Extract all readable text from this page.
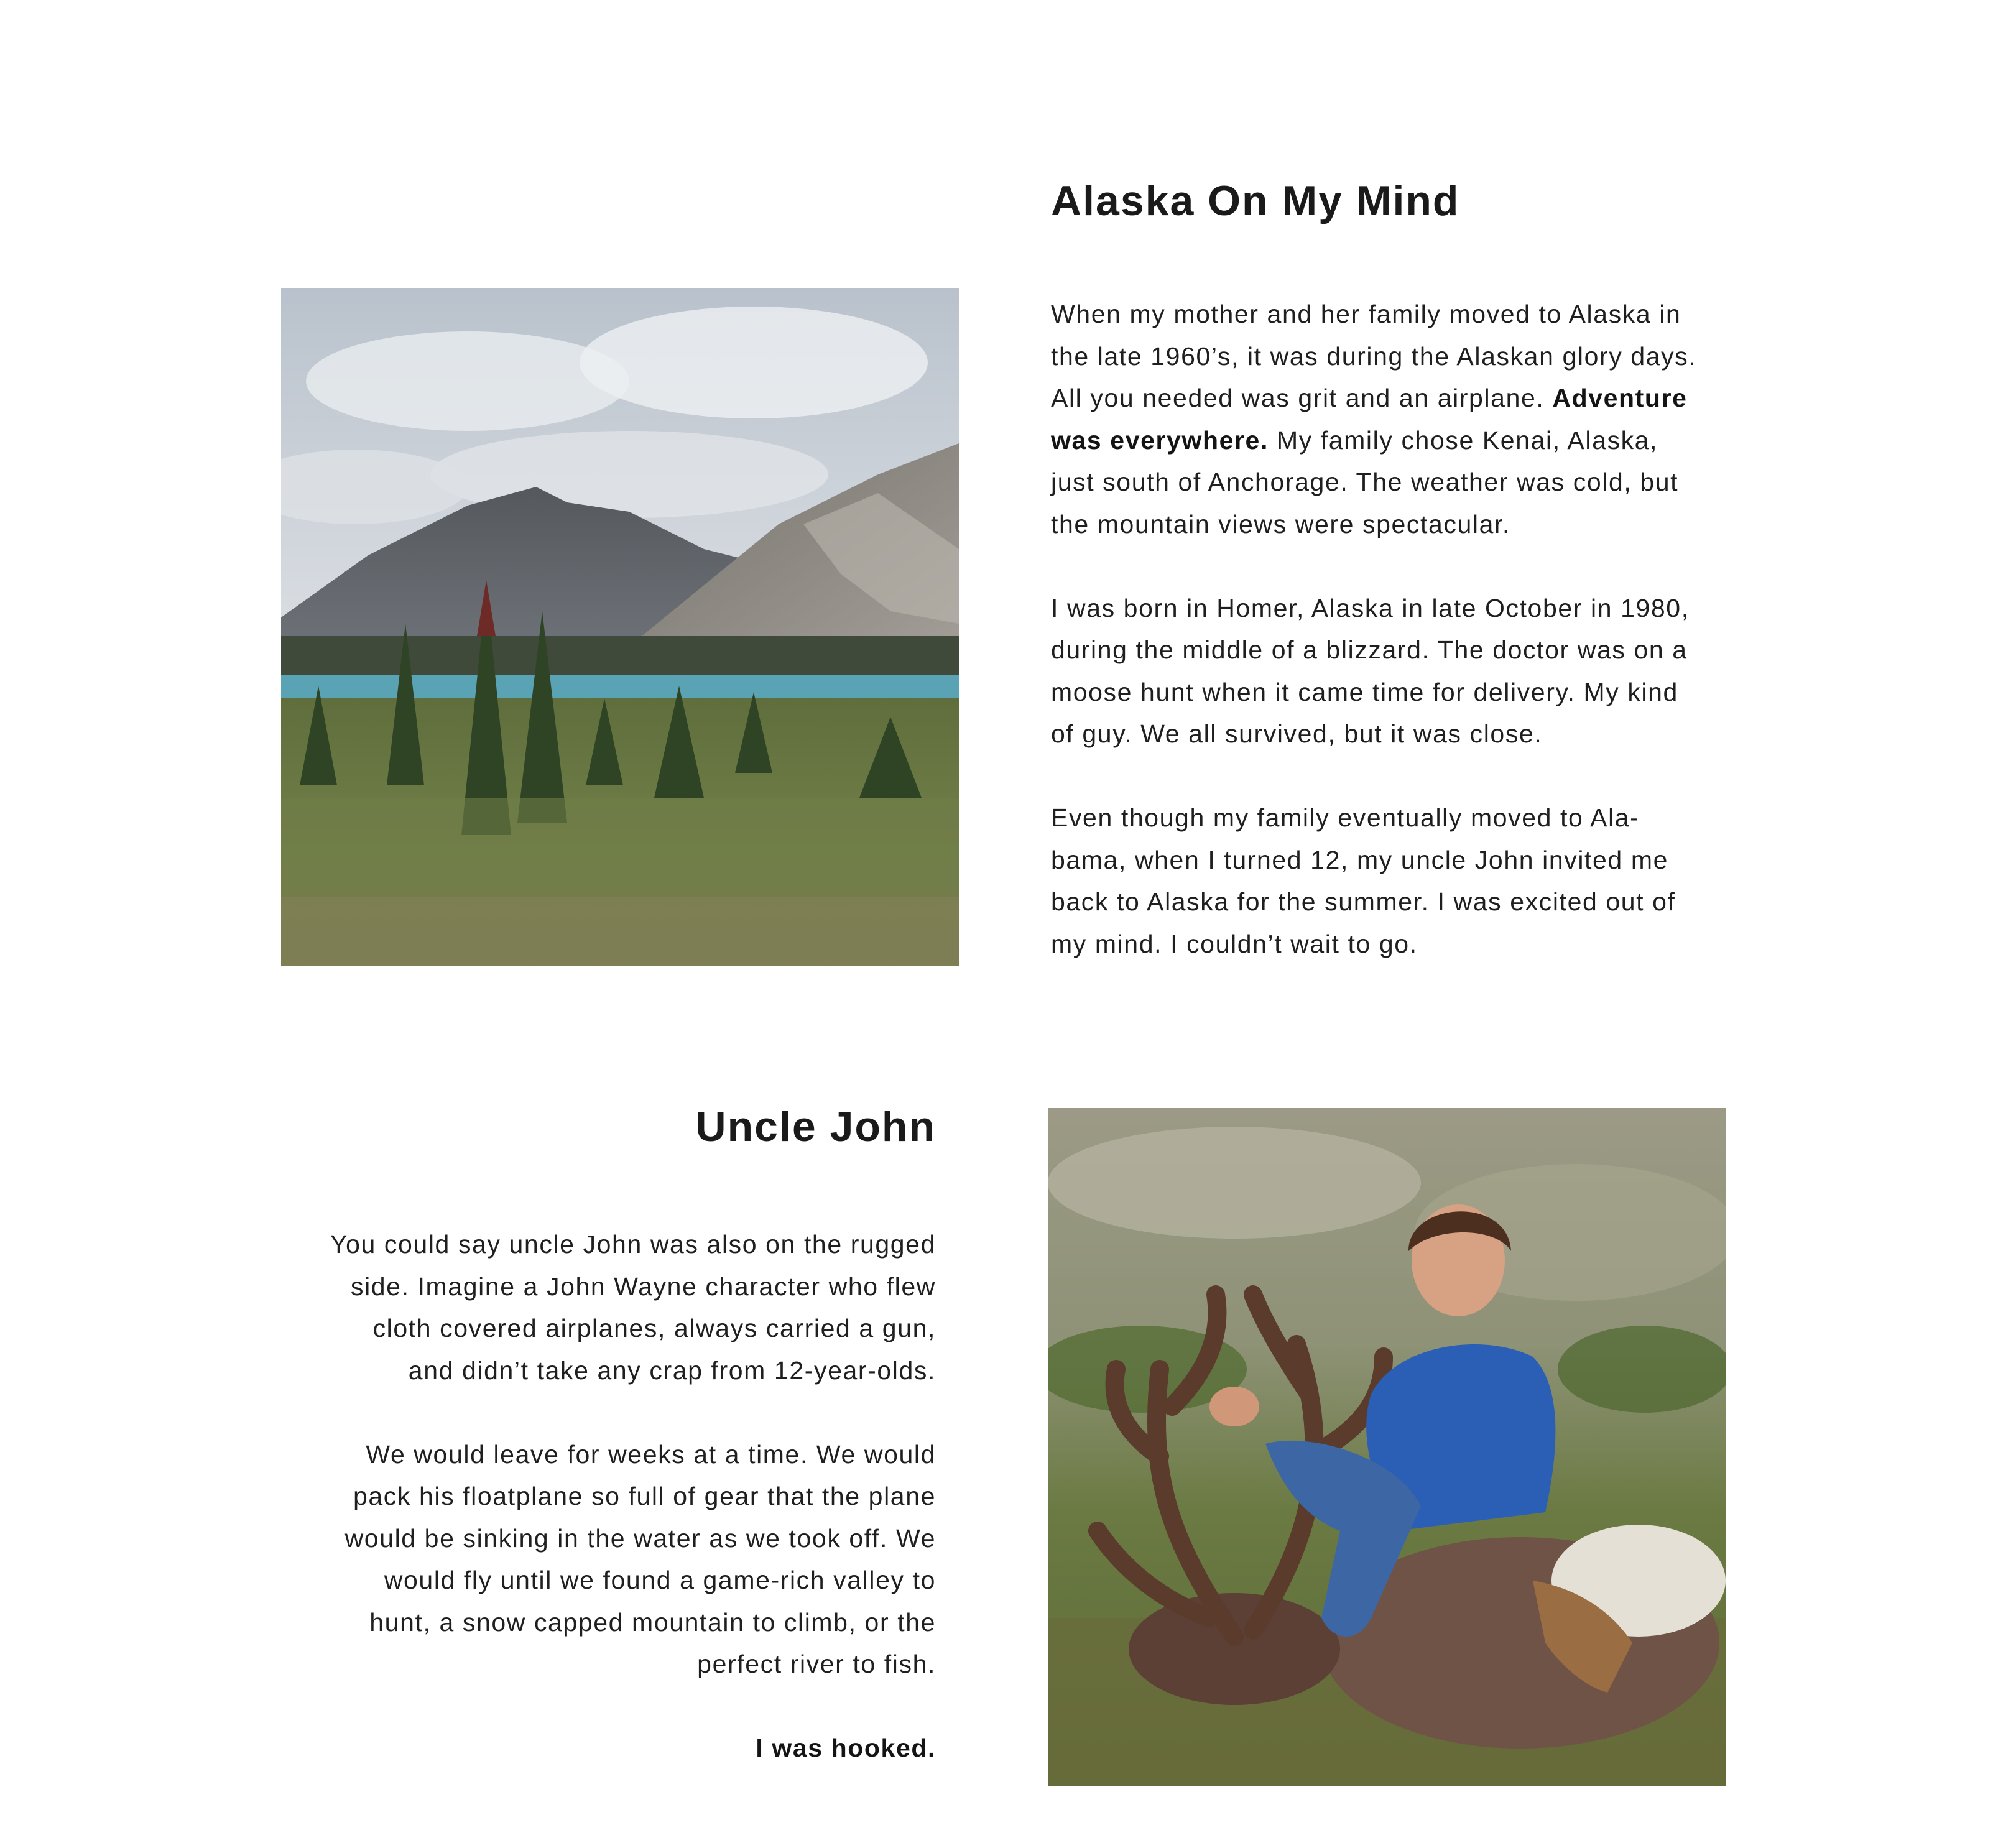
Alaska On My Mind

When my mother and her family moved to Alaska in
the late 1960’s, it was during the Alaskan glory days.
All you needed was grit and an airplane. Adventure
was everywhere. My family chose Kenai, Alaska,
just south of Anchorage. The weather was cold, but
the mountain views were spectacular.

I was born in Homer, Alaska in late October in 1980,
during the middle of a blizzard. The doctor was on a
moose hunt when it came time for delivery. My kind
of guy. We all survived, but it was close.

Even though my family eventually moved to Ala-
bama, when I turned 12, my uncle John invited me
back to Alaska for the summer. I was excited out of
my mind. I couldn’t wait to go.

Uncle John

You could say uncle John was also on the rugged
side. Imagine a John Wayne character who flew
cloth covered airplanes, always carried a gun,
and didn’t take any crap from 12-year-olds.

We would leave for weeks at a time. We would
pack his floatplane so full of gear that the plane
would be sinking in the water as we took off. We
would fly until we found a game-rich valley to
hunt, a snow capped mountain to climb, or the
perfect river to fish.

I was hooked.
